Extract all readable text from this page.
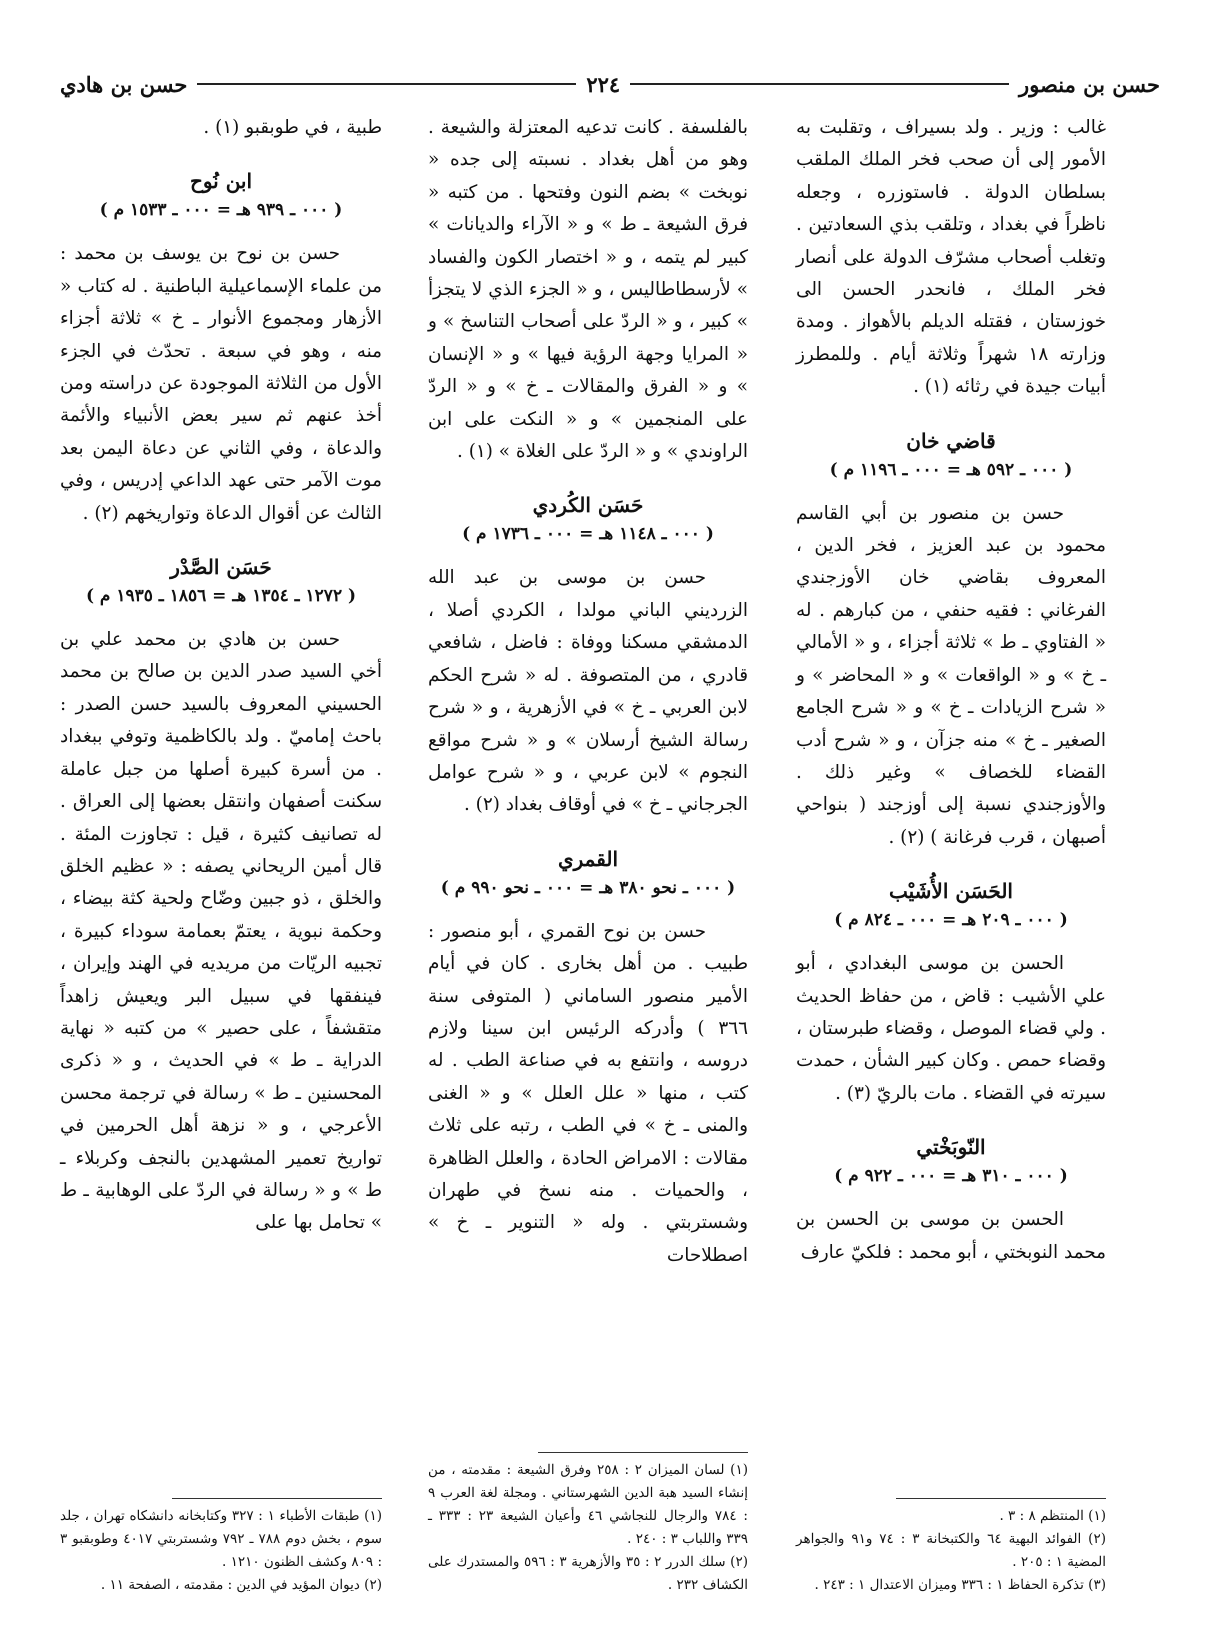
حسن بن منصور
٢٢٤
حسن بن هادي

غالب : وزير . ولد بسيراف ، وتقلبت به الأمور إلى أن صحب فخر الملك الملقب بسلطان الدولة . فاستوزره ، وجعله ناظراً في بغداد ، وتلقب بذي السعادتين . وتغلب أصحاب مشرّف الدولة على أنصار فخر الملك ، فانحدر الحسن الى خوزستان ، فقتله الديلم بالأهواز . ومدة وزارته ١٨ شهراً وثلاثة أيام . وللمطرز أبيات جيدة في رثائه (١) .

قاضي خان
( ٠٠٠ ـ ٥٩٢ هـ = ٠٠٠ ـ ١١٩٦ م )

حسن بن منصور بن أبي القاسم محمود بن عبد العزيز ، فخر الدين ، المعروف بقاضي خان الأوزجندي الفرغاني : فقيه حنفي ، من كبارهم . له « الفتاوي ـ ط » ثلاثة أجزاء ، و « الأمالي ـ خ » و « الواقعات » و « المحاضر » و « شرح الزيادات ـ خ » و « شرح الجامع الصغير ـ خ » منه جزآن ، و « شرح أدب القضاء للخصاف » وغير ذلك . والأوزجندي نسبة إلى أوزجند ( بنواحي أصبهان ، قرب فرغانة ) (٢) .

الحَسَن الأُشَيْب
( ٠٠٠ ـ ٢٠٩ هـ = ٠٠٠ ـ ٨٢٤ م )

الحسن بن موسى البغدادي ، أبو علي الأشيب : قاض ، من حفاظ الحديث . ولي قضاء الموصل ، وقضاء طبرستان ، وقضاء حمص . وكان كبير الشأن ، حمدت سيرته في القضاء . مات بالريّ (٣) .

النّوبَخْتي
( ٠٠٠ ـ ٣١٠ هـ = ٠٠٠ ـ ٩٢٢ م )

الحسن بن موسى بن الحسن بن محمد النوبختي ، أبو محمد : فلكيّ عارف

(١) المنتظم ٨ : ٣ .

(٢) الفوائد البهية ٦٤ والكتبخانة ٣ : ٧٤ و٩١ والجواهر المضية ١ : ٢٠٥ .

(٣) تذكرة الحفاظ ١ : ٣٣٦ وميزان الاعتدال ١ : ٢٤٣ .

بالفلسفة . كانت تدعيه المعتزلة والشيعة . وهو من أهل بغداد . نسبته إلى جده « نوبخت » بضم النون وفتحها . من كتبه « فرق الشيعة ـ ط » و « الآراء والديانات » كبير لم يتمه ، و « اختصار الكون والفساد » لأرسطاطاليس ، و « الجزء الذي لا يتجزأ » كبير ، و « الردّ على أصحاب التناسخ » و « المرايا وجهة الرؤية فيها » و « الإنسان » و « الفرق والمقالات ـ خ » و « الردّ على المنجمين » و « النكت على ابن الراوندي » و « الردّ على الغلاة » (١) .

حَسَن الكُردي
( ٠٠٠ ـ ١١٤٨ هـ = ٠٠٠ ـ ١٧٣٦ م )

حسن بن موسى بن عبد الله الزرديني الباني مولدا ، الكردي أصلا ، الدمشقي مسكنا ووفاة : فاضل ، شافعي قادري ، من المتصوفة . له « شرح الحكم لابن العربي ـ خ » في الأزهرية ، و « شرح رسالة الشيخ أرسلان » و « شرح مواقع النجوم » لابن عربي ، و « شرح عوامل الجرجاني ـ خ » في أوقاف بغداد (٢) .

القمري
( ٠٠٠ ـ نحو ٣٨٠ هـ = ٠٠٠ ـ نحو ٩٩٠ م )

حسن بن نوح القمري ، أبو منصور : طبيب . من أهل بخارى . كان في أيام الأمير منصور الساماني ( المتوفى سنة ٣٦٦ ) وأدركه الرئيس ابن سينا ولازم دروسه ، وانتفع به في صناعة الطب . له كتب ، منها « علل العلل » و « الغنى والمنى ـ خ » في الطب ، رتبه على ثلاث مقالات : الامراض الحادة ، والعلل الظاهرة ، والحميات . منه نسخ في طهران وشستربتي . وله « التنوير ـ خ » اصطلاحات

(١) لسان الميزان ٢ : ٢٥٨ وفرق الشيعة : مقدمته ، من إنشاء السيد هبة الدين الشهرستاني . ومجلة لغة العرب ٩ : ٧٨٤ والرجال للنجاشي ٤٦ وأعيان الشيعة ٢٣ : ٣٣٣ ـ ٣٣٩ واللباب ٣ : ٢٤٠ .

(٢) سلك الدرر ٢ : ٣٥ والأزهرية ٣ : ٥٩٦ والمستدرك على الكشاف ٢٣٢ .

طبية ، في طوبقبو (١) .

ابن نُوح
( ٠٠٠ ـ ٩٣٩ هـ = ٠٠٠ ـ ١٥٣٣ م )

حسن بن نوح بن يوسف بن محمد : من علماء الإسماعيلية الباطنية . له كتاب « الأزهار ومجموع الأنوار ـ خ » ثلاثة أجزاء منه ، وهو في سبعة . تحدّث في الجزء الأول من الثلاثة الموجودة عن دراسته ومن أخذ عنهم ثم سير بعض الأنبياء والأئمة والدعاة ، وفي الثاني عن دعاة اليمن بعد موت الآمر حتى عهد الداعي إدريس ، وفي الثالث عن أقوال الدعاة وتواريخهم (٢) .

حَسَن الصَّدْر
( ١٢٧٢ ـ ١٣٥٤ هـ = ١٨٥٦ ـ ١٩٣٥ م )

حسن بن هادي بن محمد علي بن أخي السيد صدر الدين بن صالح بن محمد الحسيني المعروف بالسيد حسن الصدر : باحث إماميّ . ولد بالكاظمية وتوفي ببغداد . من أسرة كبيرة أصلها من جبل عاملة سكنت أصفهان وانتقل بعضها إلى العراق . له تصانيف كثيرة ، قيل : تجاوزت المئة . قال أمين الريحاني يصفه : « عظيم الخلق والخلق ، ذو جبين وضّاح ولحية كثة بيضاء ، وحكمة نبوية ، يعتمّ بعمامة سوداء كبيرة ، تجبيه الريّات من مريديه في الهند وإيران ، فينفقها في سبيل البر ويعيش زاهداً متقشفاً ، على حصير » من كتبه « نهاية الدراية ـ ط » في الحديث ، و « ذكرى المحسنين ـ ط » رسالة في ترجمة محسن الأعرجي ، و « نزهة أهل الحرمين في تواريخ تعمير المشهدين بالنجف وكربلاء ـ ط » و « رسالة في الردّ على الوهابية ـ ط » تحامل بها على

(١) طبقات الأطباء ١ : ٣٢٧ وكتابخانه دانشكاه تهران ، جلد سوم ، بخش دوم ٧٨٨ ـ ٧٩٢ وشستربتي ٤٠١٧ وطوبقبو ٣ : ٨٠٩ وكشف الظنون ١٢١٠ .

(٢) ديوان المؤيد في الدين : مقدمته ، الصفحة ١١ .
